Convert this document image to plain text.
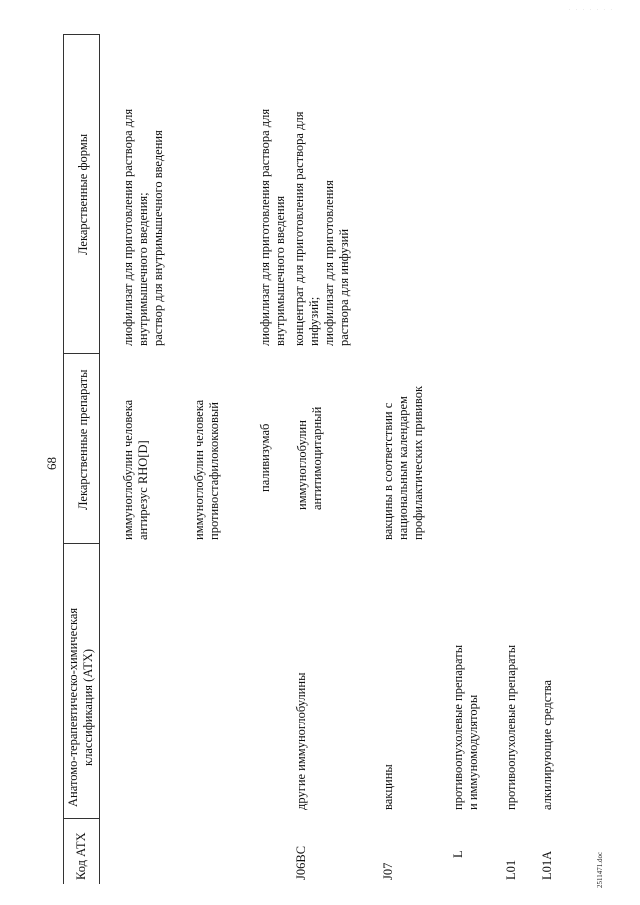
· · · · · · ·
68
2511471.doc
Лекарственные формы
Лекарственные препараты
Анатомо-терапевтическо-химическая классификация (АТХ)
Код АТХ
иммуноглобулин человека антирезус RHO[D]
лиофилизат для приготовления раствора для внутримышечного введения; раствор для внутримышечного введения
иммуноглобулин человека противостафилококковый
J06BC
другие иммуноглобулины
паливизумаб
лиофилизат для приготовления раствора для внутримышечного введения
иммуноглобулин антитимоцитарный
концентрат для приготовления раствора для инфузий; лиофилизат для приготовления раствора для инфузий
J07
вакцины
вакцины в соответствии с национальным календарем профилактических прививок
L
противоопухолевые препараты и иммуномодуляторы
L01
противоопухолевые препараты
L01A
алкилирующие средства
